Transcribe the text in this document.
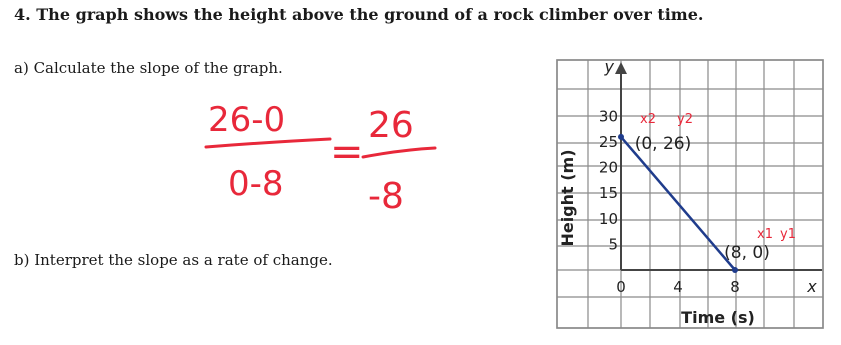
4. The graph shows the height above the ground of a rock climber over time.
a) Calculate the slope of the graph.
b) Interpret the slope as a rate of change.
26-0
0-8
=
26
-8
y
x
5
10
15
20
25
30
0	4	8
(0, 26)
(8, 0)
Time (s)
Height (m)
x2 y2
x1 y1
